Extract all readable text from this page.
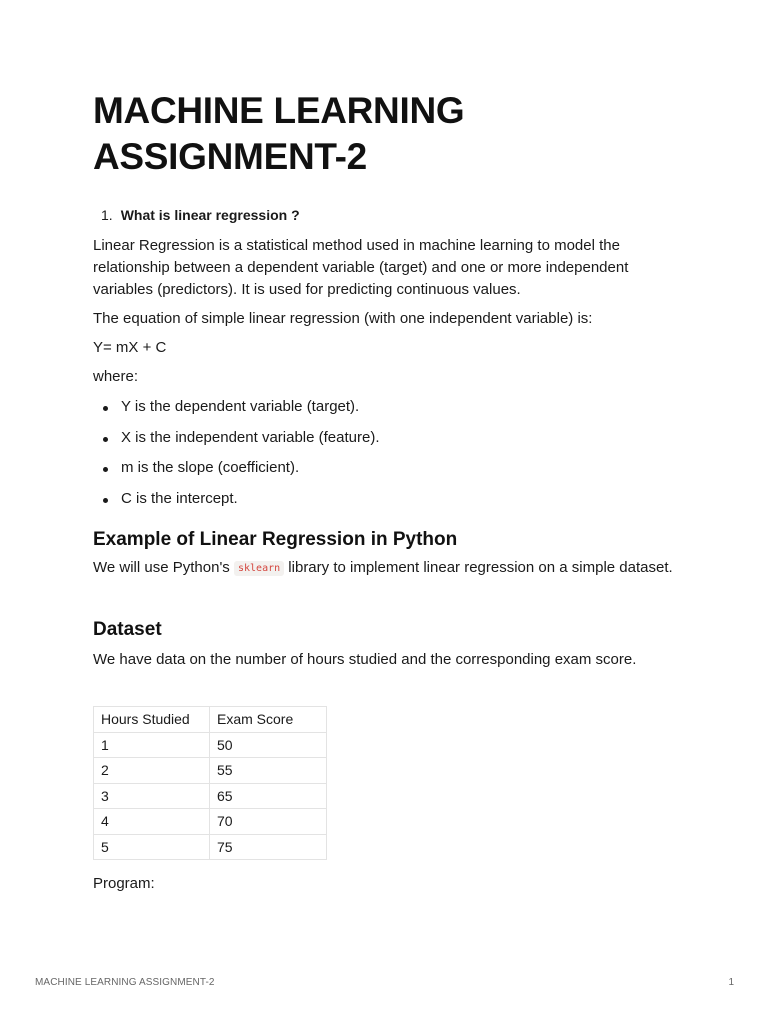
MACHINE LEARNING
ASSIGNMENT-2
1. What is linear regression ?

Linear Regression is a statistical method used in machine learning to model the relationship between a dependent variable (target) and one or more independent variables (predictors). It is used for predicting continuous values.

The equation of simple linear regression (with one independent variable) is:

Y= mX + C

where:

Y is the dependent variable (target).
X is the independent variable (feature).
m is the slope (coefficient).
C is the intercept.
Example of Linear Regression in Python

We will use Python's sklearn library to implement linear regression on a simple dataset.

Dataset

We have data on the number of hours studied and the corresponding exam score.

Hours Studied	Exam Score
1	50
2	55
3	65
4	70
5	75

Program:

MACHINE LEARNING ASSIGNMENT-2	1
